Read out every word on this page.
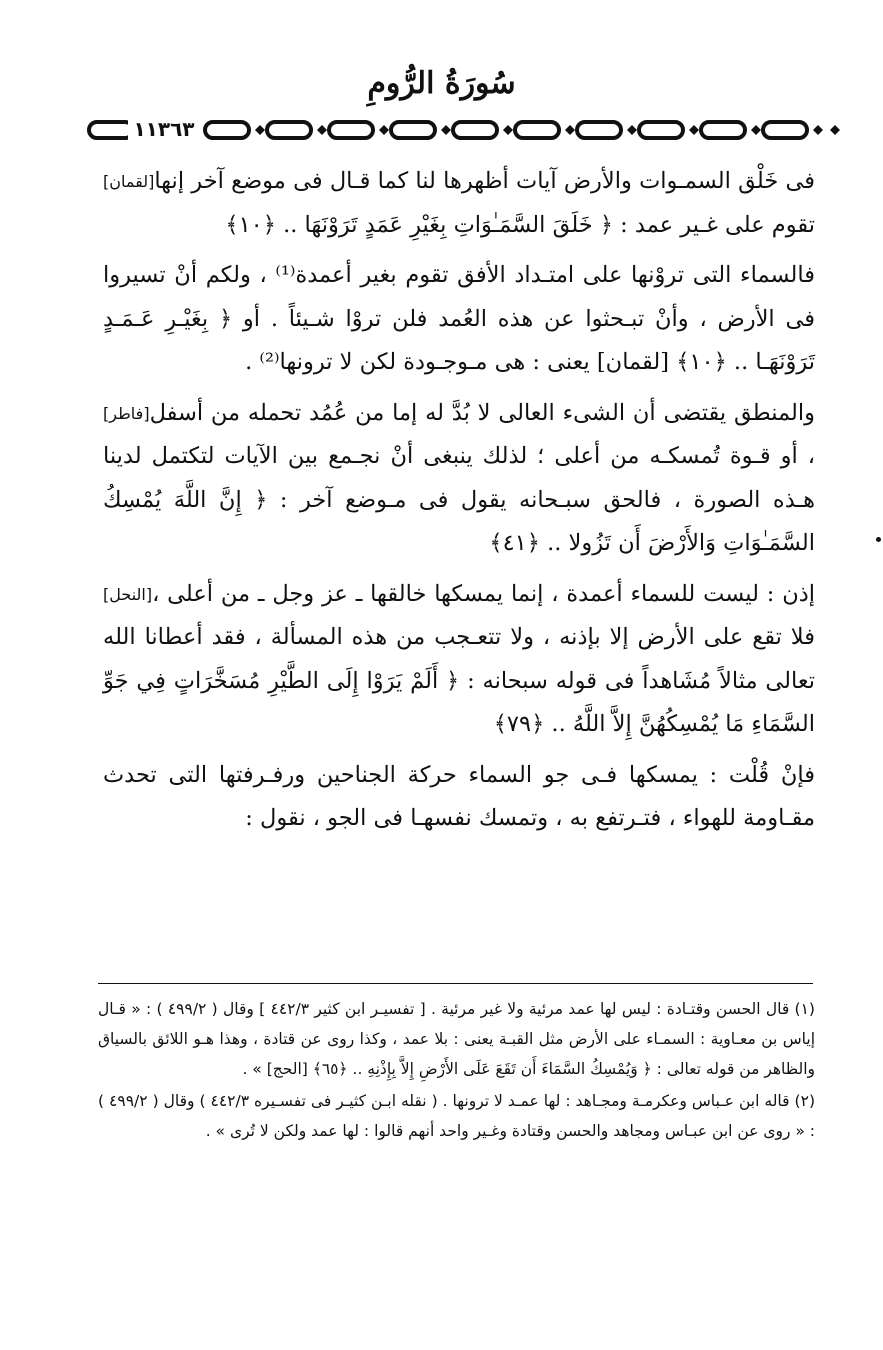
سُورَةُ الرُّومِ
١١٣٦٣

[لقمان] فى خَلْق السمـوات والأرض آيات أظهرها لنا كما قـال فى موضع آخر إنها تقوم على غـير عمد : ﴿ خَلَقَ السَّمَـٰوَاتِ بِغَيْرِ عَمَدٍ تَرَوْنَهَا .. ﴿١٠﴾

فالسماء التى تروْنها على امتـداد الأفق تقوم بغير أعمدة⁽¹⁾ ، ولكم أنْ تسيروا فى الأرض ، وأنْ تبـحثوا عن هذه العُمد فلن تروْا شـيئاً . أو ﴿ بِغَيْـرِ عَـمَـدٍ تَرَوْنَهَـا .. ﴿١٠﴾ [لقمان] يعنى : هى مـوجـودة لكن لا ترونها⁽²⁾ .

[فاطر] والمنطق يقتضى أن الشىء العالى لا بُدَّ له إما من عُمُد تحمله من أسفل ، أو قـوة تُمسكـه من أعلى ؛ لذلك ينبغى أنْ نجـمع بين الآيات لتكتمل لدينا هـذه الصورة ، فالحق سبـحانه يقول فى مـوضع آخر : ﴿ إِنَّ اللَّهَ يُمْسِكُ السَّمَـٰوَاتِ وَالأَرْضَ أَن تَزُولا .. ﴿٤١﴾

[النحل] إذن : ليست للسماء أعمدة ، إنما يمسكها خالقها ـ عز وجل ـ من أعلى ، فلا تقع على الأرض إلا بإذنه ، ولا تتعـجب من هذه المسألة ، فقد أعطانا الله تعالى مثالاً مُشَاهداً فى قوله سبحانه : ﴿ أَلَمْ يَرَوْا إِلَى الطَّيْرِ مُسَخَّرَاتٍ فِي جَوِّ السَّمَاءِ مَا يُمْسِكُهُنَّ إِلاَّ اللَّهُ .. ﴿٧٩﴾

فإنْ قُلْت : يمسكها فـى جو السماء حركة الجناحين ورفـرفتها التى تحدث مقـاومة للهواء ، فتـرتفع به ، وتمسك نفسهـا فى الجو ، نقول :

(١) قال الحسن وقتـادة : ليس لها عمد مرئية ولا غير مرئية . [ تفسيـر ابن كثير ٤٤٢/٣ ] وقال ( ٤٩٩/٢ ) : « قـال إياس بن معـاوية : السمـاء على الأرض مثل القبـة يعنى : بلا عمد ، وكذا روى عن قتادة ، وهذا هـو اللائق بالسياق والظاهر من قوله تعالى : ﴿ وَيُمْسِكُ السَّمَاءَ أَن تَقَعَ عَلَى الأَرْضِ إِلاَّ بِإِذْنِهِ .. ﴿٦٥﴾ [الحج] » .

(٢) قاله ابن عـباس وعكرمـة ومجـاهد : لها عمـد لا ترونها . ( نقله ابـن كثيـر فى تفسـيره ٤٤٢/٣ ) وقال ( ٤٩٩/٢ ) : « روى عن ابن عبـاس ومجاهد والحسن وقتادة وغـير واحد أنهم قالوا : لها عمد ولكن لا تُرى » .
